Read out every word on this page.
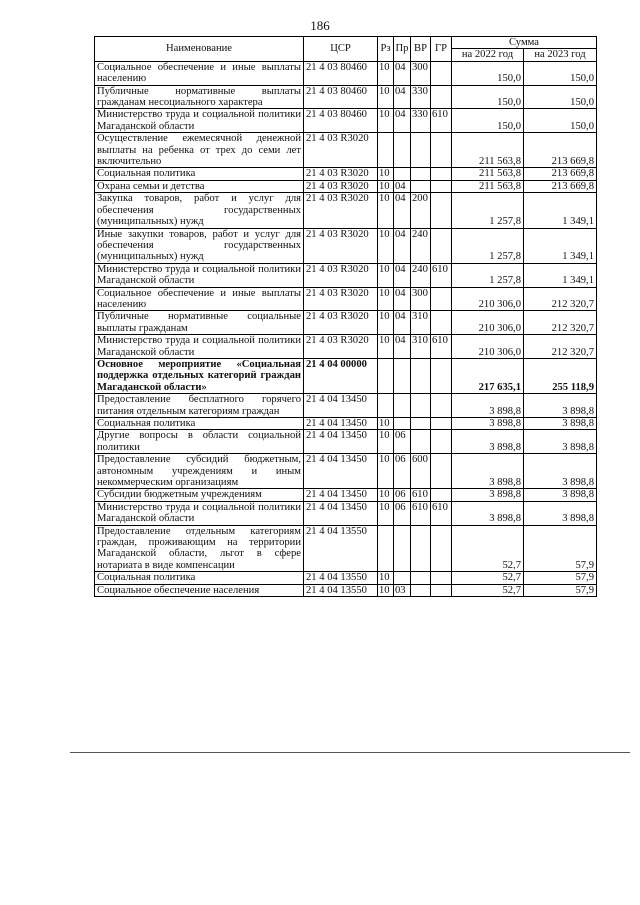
186
Наименование	ЦСР	Рз	Пр	ВР	ГР	Сумма	
						на 2022 год	на 2023 год
Социальное обеспечение и иные выплаты населению	21 4 03 80460	10	04	300		150,0	150,0
Публичные нормативные выплаты гражданам несоциального характера	21 4 03 80460	10	04	330		150,0	150,0
Министерство труда и социальной политики Магаданской области	21 4 03 80460	10	04	330	610	150,0	150,0
Осуществление ежемесячной денежной выплаты на ребенка от трех до семи лет включительно	21 4 03 R3020					211 563,8	213 669,8
Социальная политика	21 4 03 R3020	10				211 563,8	213 669,8
Охрана семьи и детства	21 4 03 R3020	10	04			211 563,8	213 669,8
Закупка товаров, работ и услуг для обеспечения государственных (муниципальных) нужд	21 4 03 R3020	10	04	200		1 257,8	1 349,1
Иные закупки товаров, работ и услуг для обеспечения государственных (муниципальных) нужд	21 4 03 R3020	10	04	240		1 257,8	1 349,1
Министерство труда и социальной политики Магаданской области	21 4 03 R3020	10	04	240	610	1 257,8	1 349,1
Социальное обеспечение и иные выплаты населению	21 4 03 R3020	10	04	300		210 306,0	212 320,7
Публичные нормативные социальные выплаты гражданам	21 4 03 R3020	10	04	310		210 306,0	212 320,7
Министерство труда и социальной политики Магаданской области	21 4 03 R3020	10	04	310	610	210 306,0	212 320,7
Основное мероприятие «Социальная поддержка отдельных категорий граждан Магаданской области»	21 4 04 00000					217 635,1	255 118,9
Предоставление бесплатного горячего питания отдельным категориям граждан	21 4 04 13450					3 898,8	3 898,8
Социальная политика	21 4 04 13450	10				3 898,8	3 898,8
Другие вопросы в области социальной политики	21 4 04 13450	10	06			3 898,8	3 898,8
Предоставление субсидий бюджетным, автономным учреждениям и иным некоммерческим организациям	21 4 04 13450	10	06	600		3 898,8	3 898,8
Субсидии бюджетным учреждениям	21 4 04 13450	10	06	610		3 898,8	3 898,8
Министерство труда и социальной политики Магаданской области	21 4 04 13450	10	06	610	610	3 898,8	3 898,8
Предоставление отдельным категориям граждан, проживающим на территории Магаданской области, льгот в сфере нотариата в виде компенсации	21 4 04 13550					52,7	57,9
Социальная политика	21 4 04 13550	10				52,7	57,9
Социальное обеспечение населения	21 4 04 13550	10	03			52,7	57,9
